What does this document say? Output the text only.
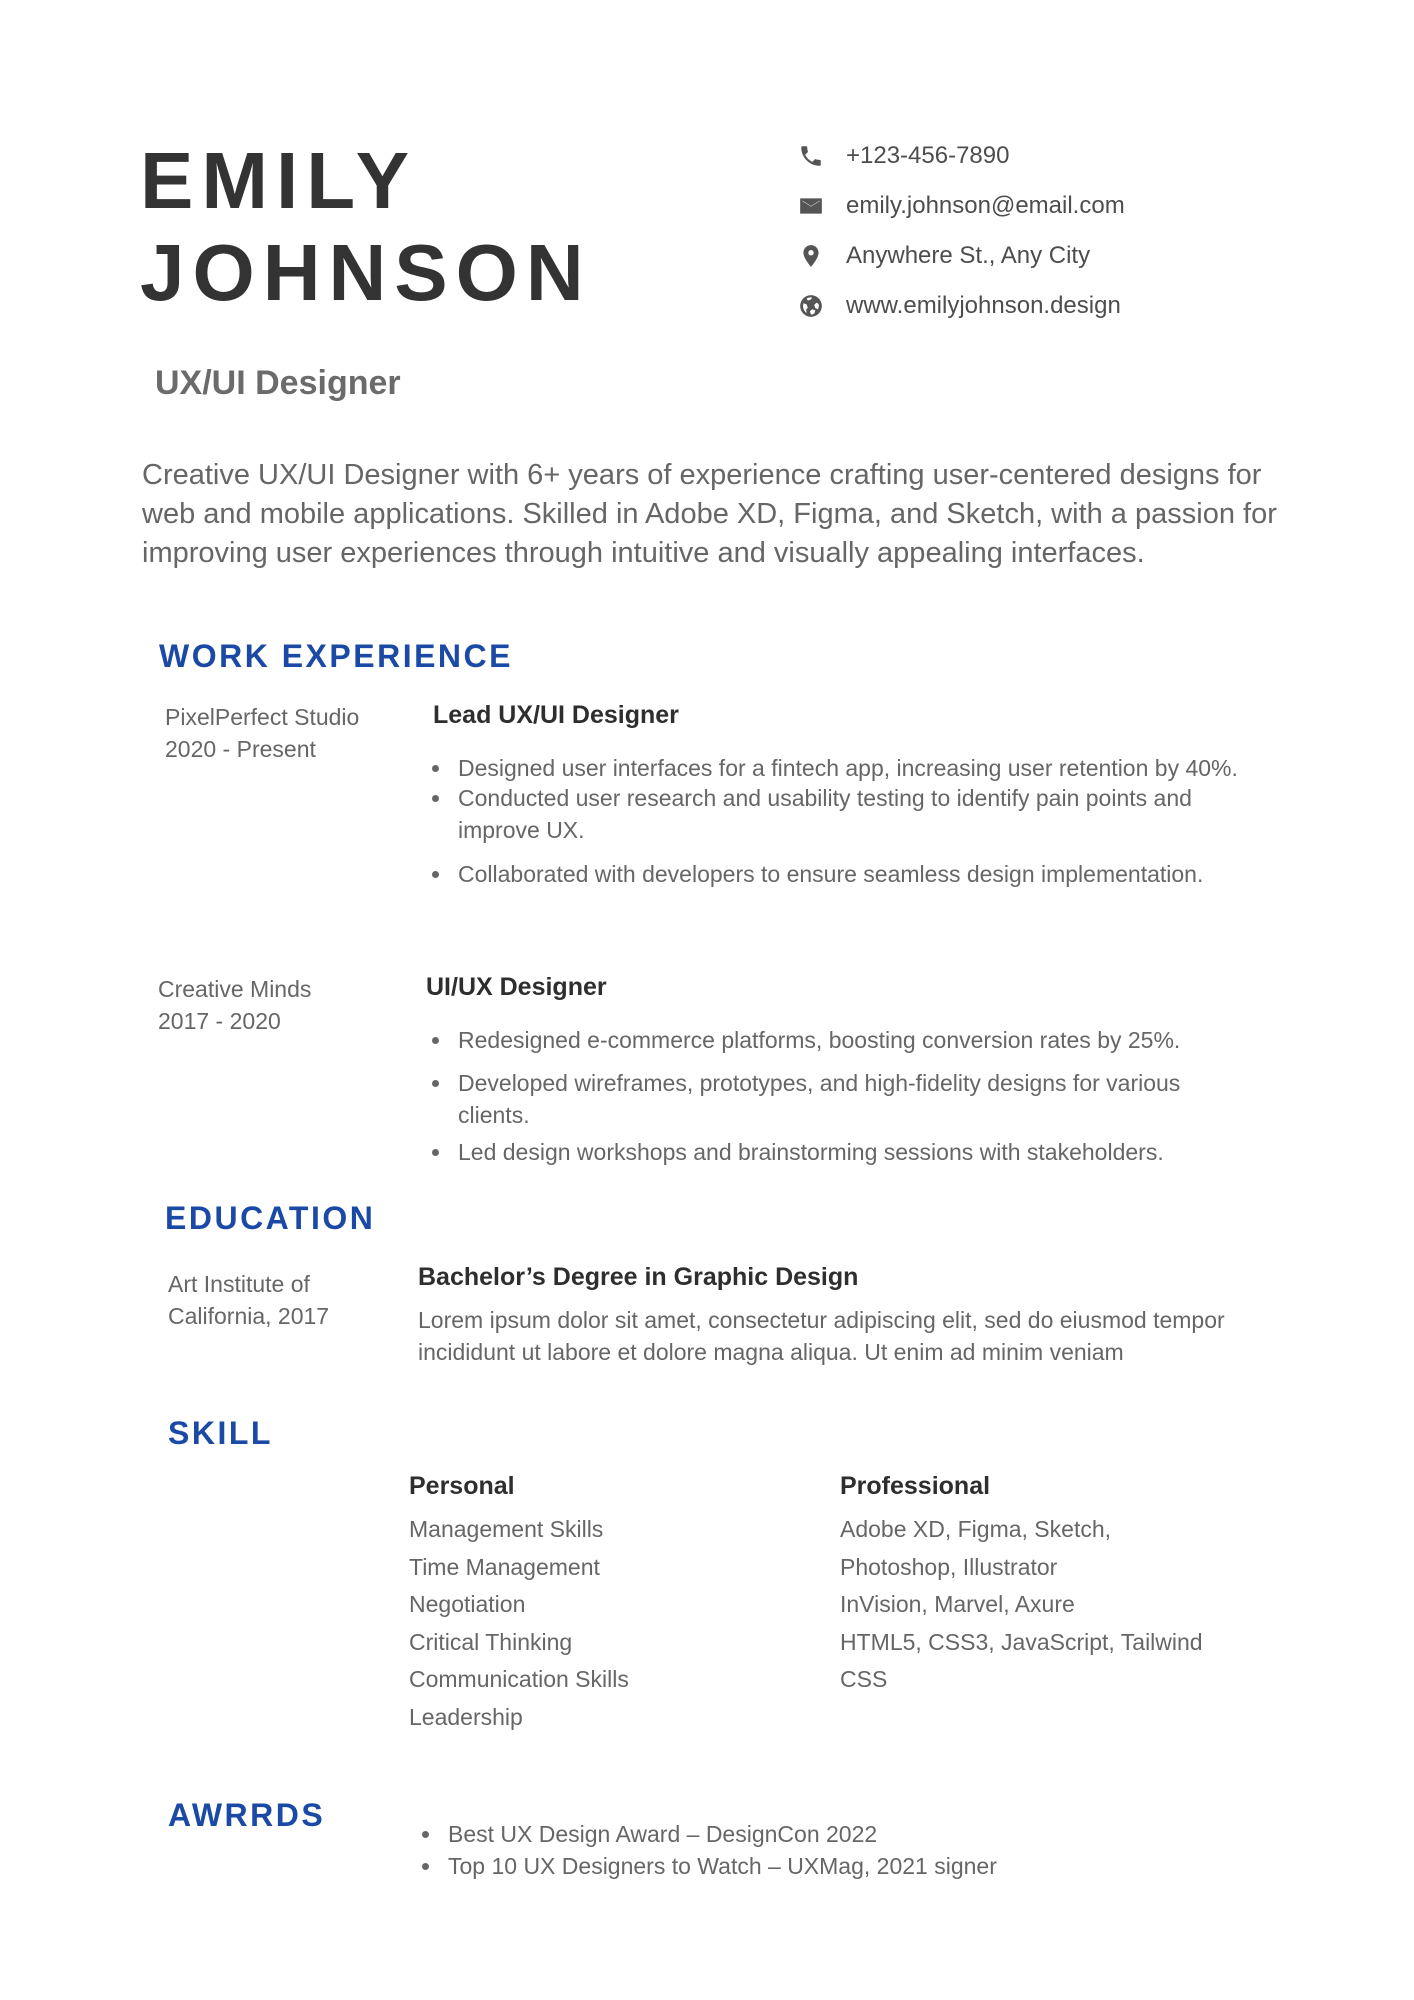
EMILY
JOHNSON
+123-456-7890
emily.johnson@email.com
Anywhere St., Any City
www.emilyjohnson.design
UX/UI Designer

Creative UX/UI Designer with 6+ years of experience crafting user-centered designs for web and mobile applications. Skilled in Adobe XD, Figma, and Sketch, with a passion for improving user experiences through intuitive and visually appealing interfaces.

WORK EXPERIENCE
PixelPerfect Studio
2020 - Present
Lead UX/UI Designer
Designed user interfaces for a fintech app, increasing user retention by 40%.
Conducted user research and usability testing to identify pain points and improve UX.
Collaborated with developers to ensure seamless design implementation.
Creative Minds
2017 - 2020
UI/UX Designer
Redesigned e-commerce platforms, boosting conversion rates by 25%.
Developed wireframes, prototypes, and high-fidelity designs for various clients.
Led design workshops and brainstorming sessions with stakeholders.
EDUCATION
Art Institute of
California, 2017
Bachelor’s Degree in Graphic Design

Lorem ipsum dolor sit amet, consectetur adipiscing elit, sed do eiusmod tempor incididunt ut labore et dolore magna aliqua. Ut enim ad minim veniam

SKILL
Personal
Management Skills
Time Management
Negotiation
Critical Thinking
Communication Skills
Leadership
Professional
Adobe XD, Figma, Sketch,
Photoshop, Illustrator
InVision, Marvel, Axure
HTML5, CSS3, JavaScript, Tailwind
CSS
AWRRDS
Best UX Design Award – DesignCon 2022
Top 10 UX Designers to Watch – UXMag, 2021 signer
